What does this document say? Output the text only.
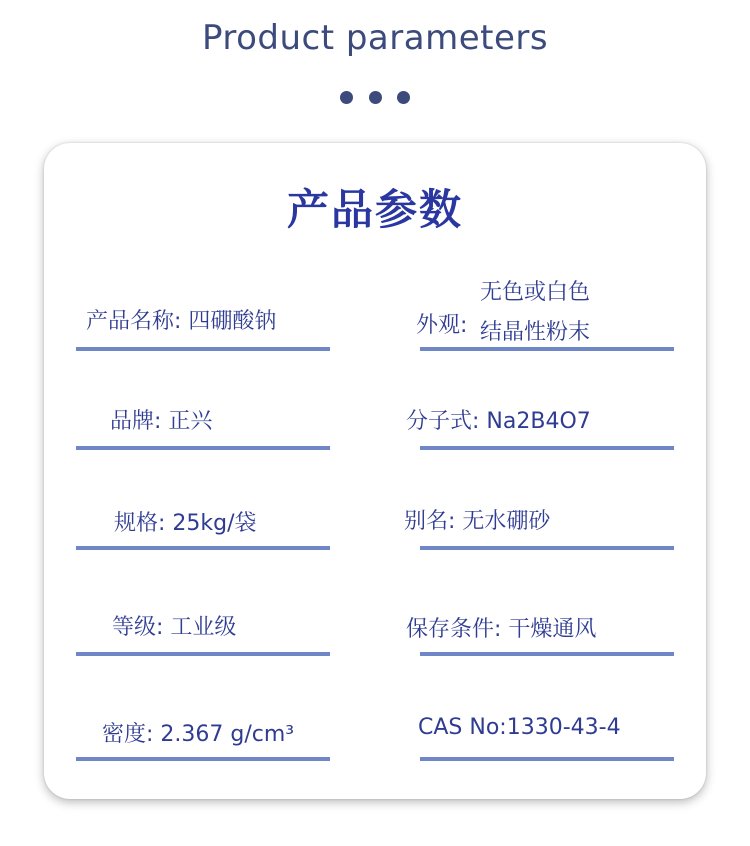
Product parameters

产品参数
产品名称: 四硼酸钠	外观:
无色或白色
结晶性粉末
品牌: 正兴	分子式: Na2B4O7
规格: 25kg/袋	别名: 无水硼砂
等级: 工业级	保存条件: 干燥通风
密度: 2.367 g/cm³	CAS No:1330-43-4
